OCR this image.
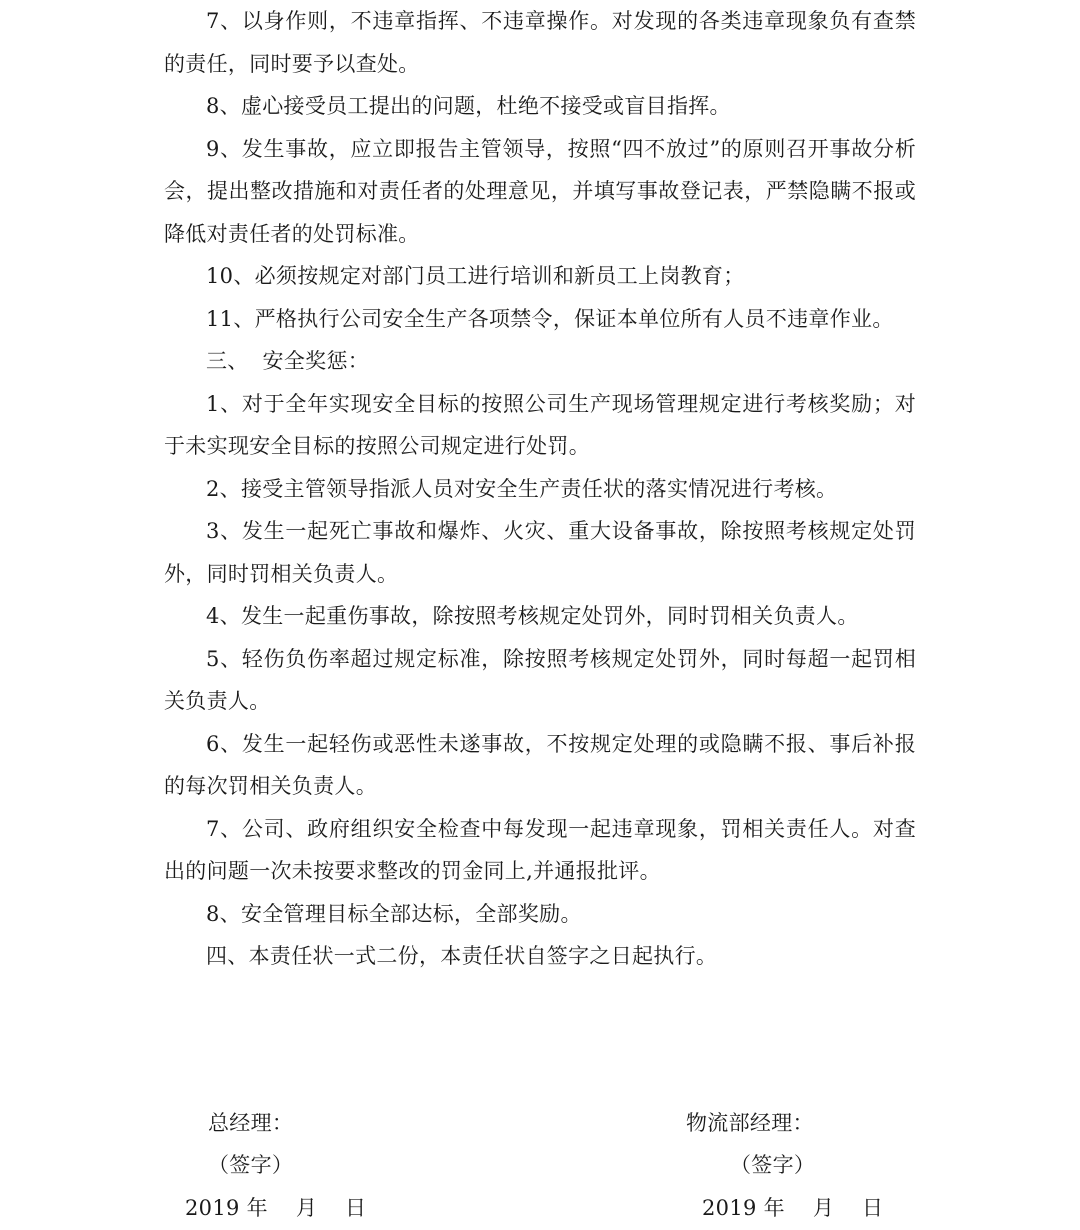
7、以身作则，不违章指挥、不违章操作。对发现的各类违章现象负有查禁的责任，同时要予以查处。

8、虚心接受员工提出的问题，杜绝不接受或盲目指挥。

9、发生事故，应立即报告主管领导，按照“四不放过”的原则召开事故分析会，提出整改措施和对责任者的处理意见，并填写事故登记表，严禁隐瞒不报或降低对责任者的处罚标准。

10、必须按规定对部门员工进行培训和新员工上岗教育；

11、严格执行公司安全生产各项禁令，保证本单位所有人员不违章作业。

三、  安全奖惩：

1、对于全年实现安全目标的按照公司生产现场管理规定进行考核奖励；对于未实现安全目标的按照公司规定进行处罚。

2、接受主管领导指派人员对安全生产责任状的落实情况进行考核。

3、发生一起死亡事故和爆炸、火灾、重大设备事故，除按照考核规定处罚外，同时罚相关负责人。

4、发生一起重伤事故，除按照考核规定处罚外，同时罚相关负责人。

5、轻伤负伤率超过规定标准，除按照考核规定处罚外，同时每超一起罚相关负责人。

6、发生一起轻伤或恶性未遂事故，不按规定处理的或隐瞒不报、事后补报的每次罚相关负责人。

7、公司、政府组织安全检查中每发现一起违章现象，罚相关责任人。对查出的问题一次未按要求整改的罚金同上,并通报批评。

8、安全管理目标全部达标，全部奖励。

四、本责任状一式二份，本责任状自签字之日起执行。

总经理：
（签字）
2019 年    月    日
物流部经理：
（签字）
2019 年    月    日
